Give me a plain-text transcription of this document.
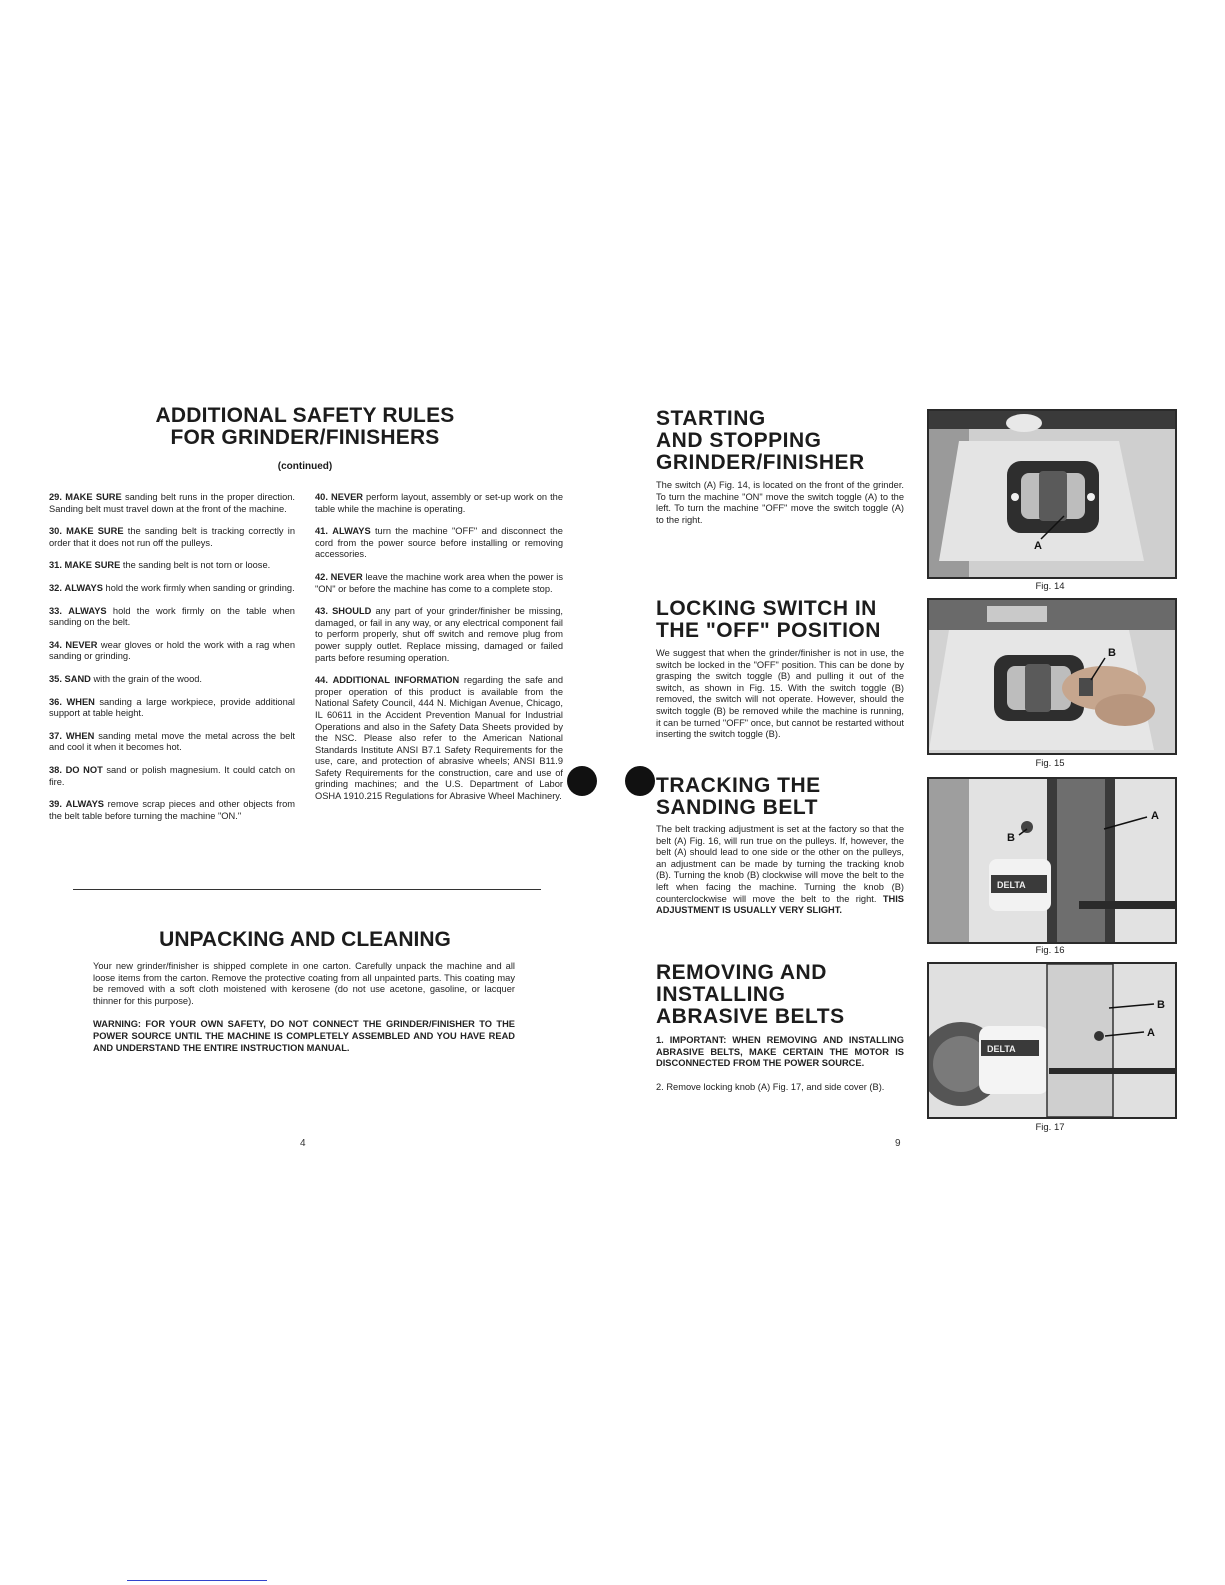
ADDITIONAL SAFETY RULES
FOR GRINDER/FINISHERS
(continued)

29. MAKE SURE sanding belt runs in the proper direction. Sanding belt must travel down at the front of the machine.

30. MAKE SURE the sanding belt is tracking correctly in order that it does not run off the pulleys.

31. MAKE SURE the sanding belt is not torn or loose.

32. ALWAYS hold the work firmly when sanding or grinding.

33. ALWAYS hold the work firmly on the table when sanding on the belt.

34. NEVER wear gloves or hold the work with a rag when sanding or grinding.

35. SAND with the grain of the wood.

36. WHEN sanding a large workpiece, provide additional support at table height.

37. WHEN sanding metal move the metal across the belt and cool it when it becomes hot.

38. DO NOT sand or polish magnesium. It could catch on fire.

39. ALWAYS remove scrap pieces and other objects from the belt table before turning the machine "ON."

40. NEVER perform layout, assembly or set-up work on the table while the machine is operating.

41. ALWAYS turn the machine "OFF" and disconnect the cord from the power source before installing or removing accessories.

42. NEVER leave the machine work area when the power is "ON" or before the machine has come to a complete stop.

43. SHOULD any part of your grinder/finisher be missing, damaged, or fail in any way, or any electrical component fail to perform properly, shut off switch and remove plug from power supply outlet. Replace missing, damaged or failed parts before resuming operation.

44. ADDITIONAL INFORMATION regarding the safe and proper operation of this product is available from the National Safety Council, 444 N. Michigan Avenue, Chicago, IL 60611 in the Accident Prevention Manual for Industrial Operations and also in the Safety Data Sheets provided by the NSC. Please also refer to the American National Standards Institute ANSI B7.1 Safety Requirements for the use, care, and protection of abrasive wheels; ANSI B11.9 Safety Requirements for the construction, care and use of grinding machines; and the U.S. Department of Labor OSHA 1910.215 Regulations for Abrasive Wheel Machinery.

UNPACKING AND CLEANING

Your new grinder/finisher is shipped complete in one carton. Carefully unpack the machine and all loose items from the carton. Remove the protective coating from all unpainted parts. This coating may be removed with a soft cloth moistened with kerosene (do not use acetone, gasoline, or lacquer thinner for this purpose).

WARNING: FOR YOUR OWN SAFETY, DO NOT CONNECT THE GRINDER/FINISHER TO THE POWER SOURCE UNTIL THE MACHINE IS COMPLETELY ASSEMBLED AND YOU HAVE READ AND UNDERSTAND THE ENTIRE INSTRUCTION MANUAL.

4
STARTING
AND STOPPING
GRINDER/FINISHER
The switch (A) Fig. 14, is located on the front of the grinder. To turn the machine "ON" move the switch toggle (A) to the left. To turn the machine "OFF" move the switch toggle (A) to the right.
LOCKING SWITCH IN
THE "OFF" POSITION
We suggest that when the grinder/finisher is not in use, the switch be locked in the "OFF" position. This can be done by grasping the switch toggle (B) and pulling it out of the switch, as shown in Fig. 15. With the switch toggle (B) removed, the switch will not operate. However, should the switch toggle (B) be removed while the machine is running, it can be turned "OFF" once, but cannot be restarted without inserting the switch toggle (B).
TRACKING THE
SANDING BELT
The belt tracking adjustment is set at the factory so that the belt (A) Fig. 16, will run true on the pulleys. If, however, the belt (A) should lead to one side or the other on the pulleys, an adjustment can be made by turning the tracking knob (B). Turning the knob (B) clockwise will move the belt to the left when facing the machine. Turning the knob (B) counterclockwise will move the belt to the right. THIS ADJUSTMENT IS USUALLY VERY SLIGHT.
REMOVING AND
INSTALLING
ABRASIVE BELTS

1. IMPORTANT: WHEN REMOVING AND INSTALLING ABRASIVE BELTS, MAKE CERTAIN THE MOTOR IS DISCONNECTED FROM THE POWER SOURCE.

2. Remove locking knob (A) Fig. 17, and side cover (B).

A
Fig. 14
B
Fig. 15
DELTA
B
A
Fig. 16
DELTA
A
B
Fig. 17
9
